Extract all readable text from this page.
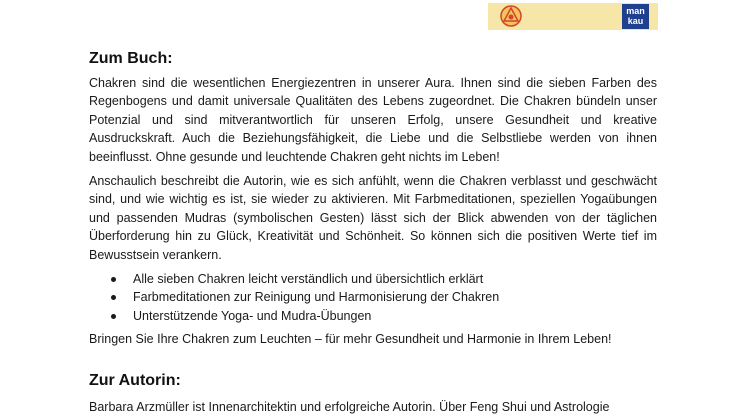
man
kau
Zum Buch:

Chakren sind die wesentlichen Energiezentren in unserer Aura. Ihnen sind die sieben Farben des Regenbogens und damit universale Qualitäten des Lebens zugeordnet. Die Chakren bündeln unser Potenzial und sind mitverantwortlich für unseren Erfolg, unsere Gesundheit und kreative Ausdruckskraft. Auch die Beziehungsfähigkeit, die Liebe und die Selbstliebe werden von ihnen beeinflusst. Ohne gesunde und leuchtende Chakren geht nichts im Leben!

Anschaulich beschreibt die Autorin, wie es sich anfühlt, wenn die Chakren verblasst und geschwächt sind, und wie wichtig es ist, sie wieder zu aktivieren. Mit Farbmeditationen, speziellen Yogaübungen und passenden Mudras (symbolischen Gesten) lässt sich der Blick abwenden von der täglichen Überforderung hin zu Glück, Kreativität und Schönheit. So können sich die positiven Werte tief im Bewusstsein verankern.

Alle sieben Chakren leicht verständlich und übersichtlich erklärt
Farbmeditationen zur Reinigung und Harmonisierung der Chakren
Unterstützende Yoga- und Mudra-Übungen

Bringen Sie Ihre Chakren zum Leuchten – für mehr Gesundheit und Harmonie in Ihrem Leben!

Zur Autorin:

Barbara Arzmüller ist Innenarchitektin und erfolgreiche Autorin. Über Feng Shui und Astrologie
